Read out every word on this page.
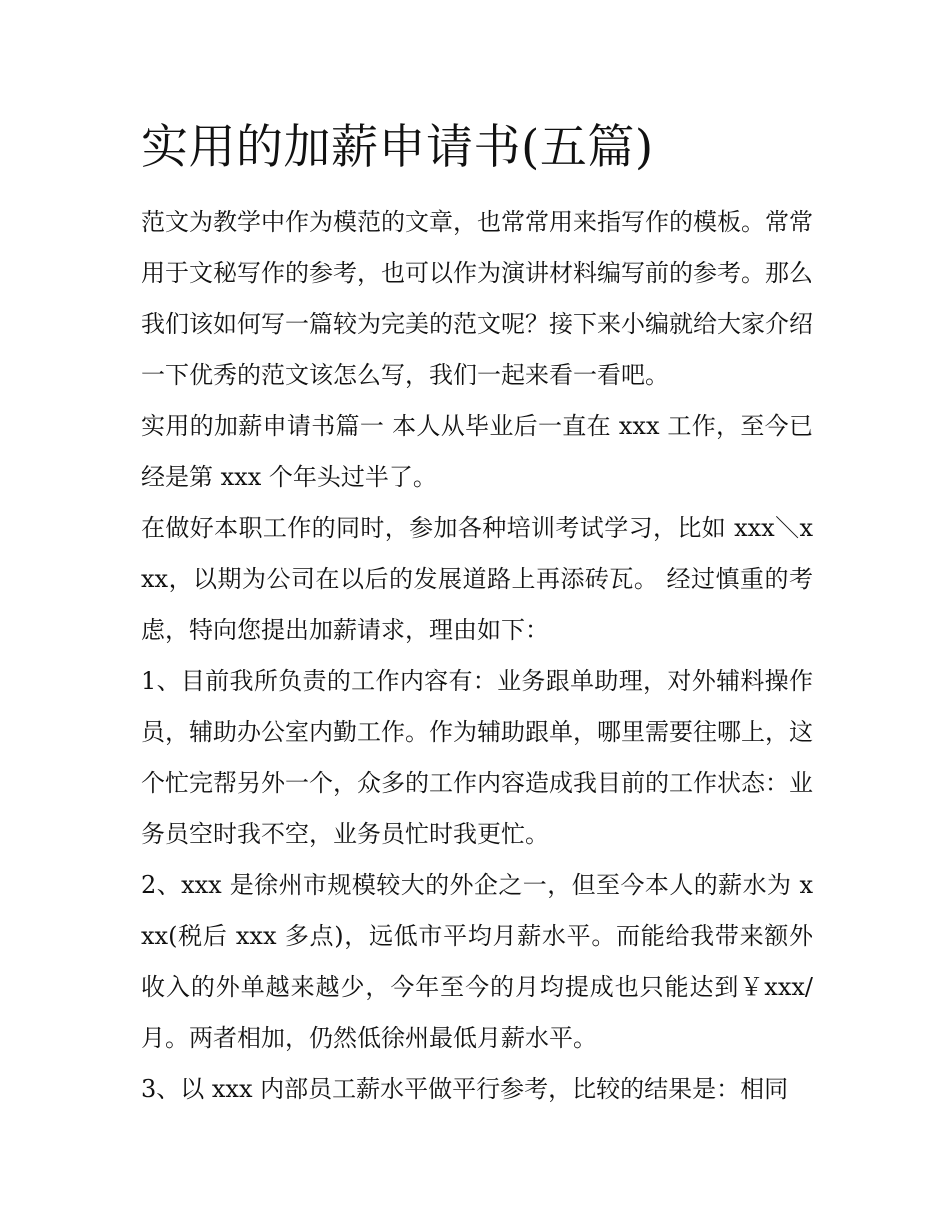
实用的加薪申请书(五篇)

范文为教学中作为模范的文章，也常常用来指写作的模板。常常用于文秘写作的参考，也可以作为演讲材料编写前的参考。那么我们该如何写一篇较为完美的范文呢？接下来小编就给大家介绍一下优秀的范文该怎么写，我们一起来看一看吧。

实用的加薪申请书篇一 本人从毕业后一直在 xxx 工作，至今已经是第 xxx 个年头过半了。

在做好本职工作的同时，参加各种培训考试学习，比如 xxx＼xxx，以期为公司在以后的发展道路上再添砖瓦。 经过慎重的考虑，特向您提出加薪请求，理由如下：

1、目前我所负责的工作内容有：业务跟单助理，对外辅料操作员，辅助办公室内勤工作。作为辅助跟单，哪里需要往哪上，这个忙完帮另外一个，众多的工作内容造成我目前的工作状态：业务员空时我不空，业务员忙时我更忙。

2、xxx 是徐州市规模较大的外企之一，但至今本人的薪水为 xxx(税后 xxx 多点)，远低市平均月薪水平。而能给我带来额外收入的外单越来越少，今年至今的月均提成也只能达到￥xxx/月。两者相加，仍然低徐州最低月薪水平。

3、以 xxx 内部员工薪水平做平行参考，比较的结果是：相同
